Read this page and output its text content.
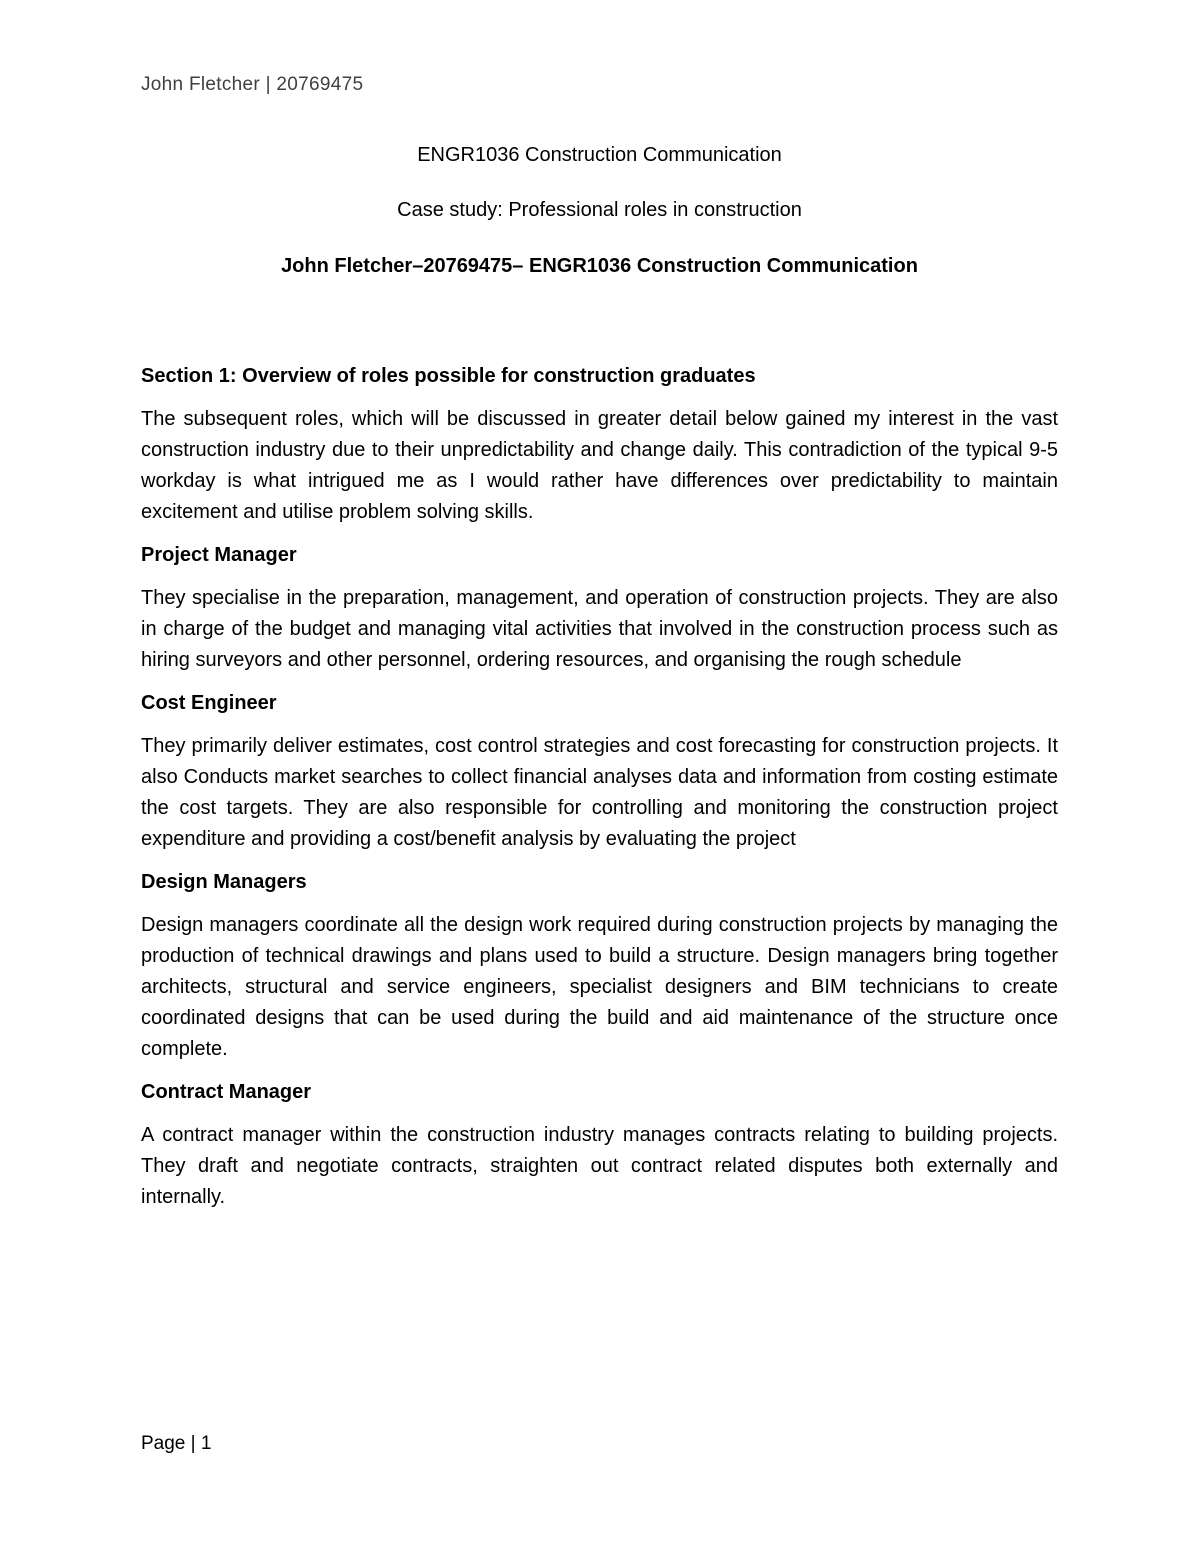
John Fletcher | 20769475
ENGR1036 Construction Communication
Case study: Professional roles in construction
John Fletcher–20769475– ENGR1036 Construction Communication
Section 1: Overview of roles possible for construction graduates

The subsequent roles, which will be discussed in greater detail below gained my interest in the vast construction industry due to their unpredictability and change daily. This contradiction of the typical 9-5 workday is what intrigued me as I would rather have differences over predictability to maintain excitement and utilise problem solving skills.

Project Manager

They specialise in the preparation, management, and operation of construction projects. They are also in charge of the budget and managing vital activities that involved in the construction process such as hiring surveyors and other personnel, ordering resources, and organising the rough schedule

Cost Engineer

They primarily deliver estimates, cost control strategies and cost forecasting for construction projects. It also Conducts market searches to collect financial analyses data and information from costing estimate the cost targets. They are also responsible for controlling and monitoring the construction project expenditure and providing a cost/benefit analysis by evaluating the project

Design Managers

Design managers coordinate all the design work required during construction projects by managing the production of technical drawings and plans used to build a structure. Design managers bring together architects, structural and service engineers, specialist designers and BIM technicians to create coordinated designs that can be used during the build and aid maintenance of the structure once complete.

Contract Manager

A contract manager within the construction industry manages contracts relating to building projects. They draft and negotiate contracts, straighten out contract related disputes both externally and internally.

Page | 1
